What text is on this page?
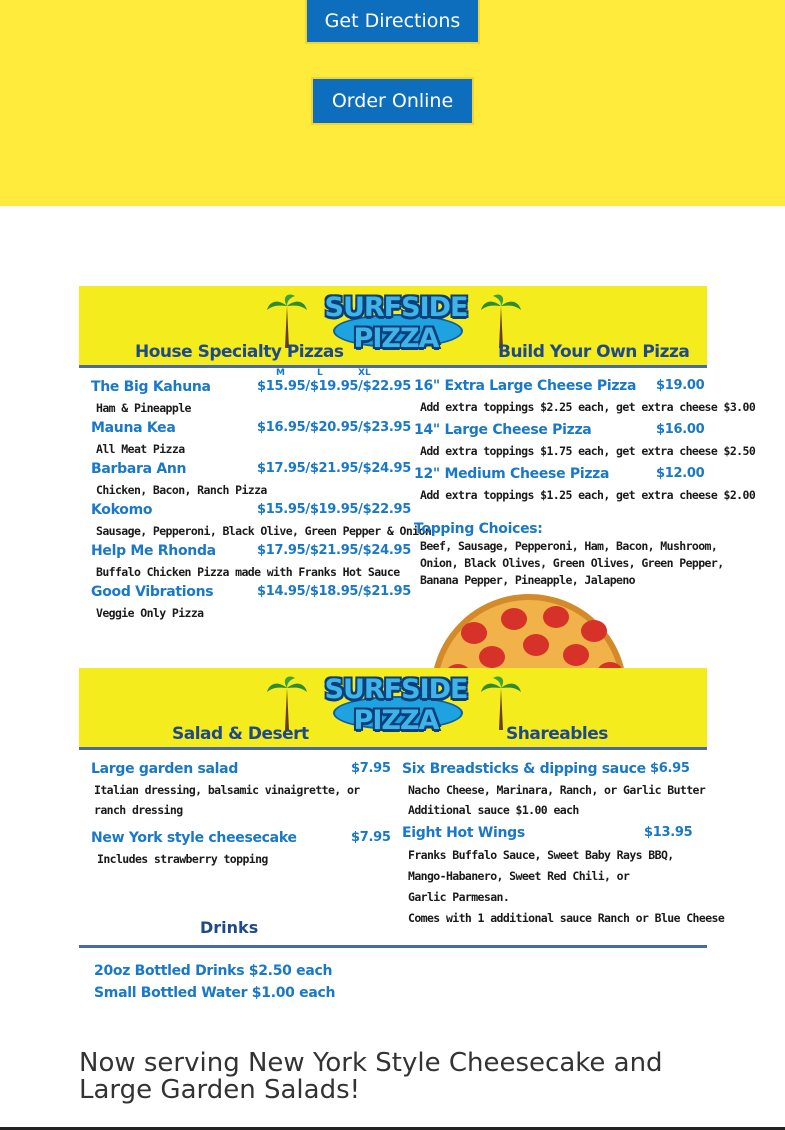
Get Directions
Order Online
SURFSIDE PIZZA
House Specialty Pizzas	Build Your Own Pizza
M	L	XL
The Big Kahuna	$15.95/$19.95/$22.95
Ham & Pineapple
Mauna Kea	$16.95/$20.95/$23.95
All Meat Pizza
Barbara Ann	$17.95/$21.95/$24.95
Chicken, Bacon, Ranch Pizza
Kokomo	$15.95/$19.95/$22.95
Sausage, Pepperoni, Black Olive, Green Pepper & Onion
Help Me Rhonda	$17.95/$21.95/$24.95
Buffalo Chicken Pizza made with Franks Hot Sauce
Good Vibrations	$14.95/$18.95/$21.95
Veggie Only Pizza
16" Extra Large Cheese Pizza $19.00
Add extra toppings $2.25 each, get extra cheese $3.00
14" Large Cheese Pizza	$16.00
Add extra toppings $1.75 each, get extra cheese $2.50
12" Medium Cheese Pizza	$12.00
Add extra toppings $1.25 each, get extra cheese $2.00
Topping Choices:
Beef, Sausage, Pepperoni, Ham, Bacon, Mushroom,
Onion, Black Olives, Green Olives, Green Pepper,
Banana Pepper, Pineapple, Jalapeno
SURFSIDE PIZZA
Salad & Desert	Shareables
Large garden salad	$7.95
Italian dressing, balsamic vinaigrette, or
ranch dressing
New York style cheesecake	$7.95
Includes strawberry topping
Six Breadsticks & dipping sauce $6.95
Nacho Cheese, Marinara, Ranch, or Garlic Butter
Additional sauce $1.00 each
Eight Hot Wings	$13.95
Franks Buffalo Sauce, Sweet Baby Rays BBQ,
Mango-Habanero, Sweet Red Chili, or
Garlic Parmesan.
Comes with 1 additional sauce Ranch or Blue Cheese
Drinks
20oz Bottled Drinks $2.50 each
Small Bottled Water $1.00 each
Now serving New York Style Cheesecake and Large Garden Salads!
